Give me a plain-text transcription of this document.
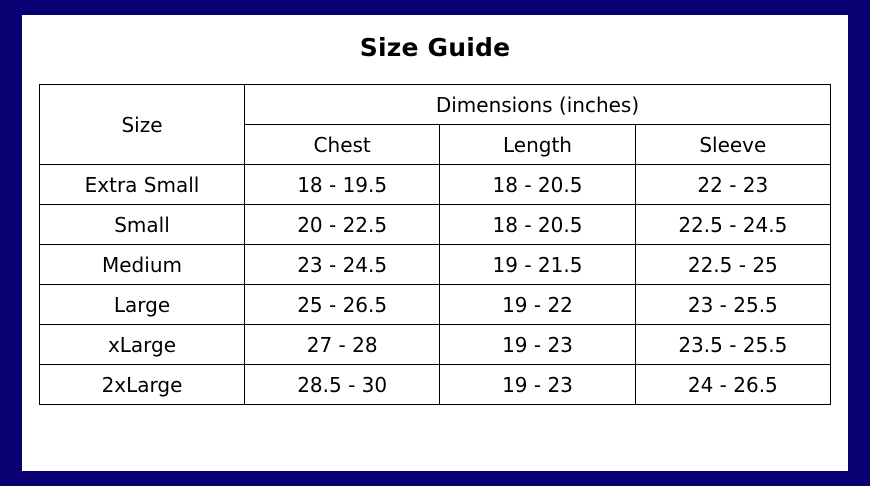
Size Guide
Size	Dimensions (inches)		
	Chest	Length	Sleeve
Extra Small	18 - 19.5	18 - 20.5	22 - 23
Small	20 - 22.5	18 - 20.5	22.5 - 24.5
Medium	23 - 24.5	19 - 21.5	22.5 - 25
Large	25 - 26.5	19 - 22	23 - 25.5
xLarge	27 - 28	19 - 23	23.5 - 25.5
2xLarge	28.5 - 30	19 - 23	24 - 26.5
